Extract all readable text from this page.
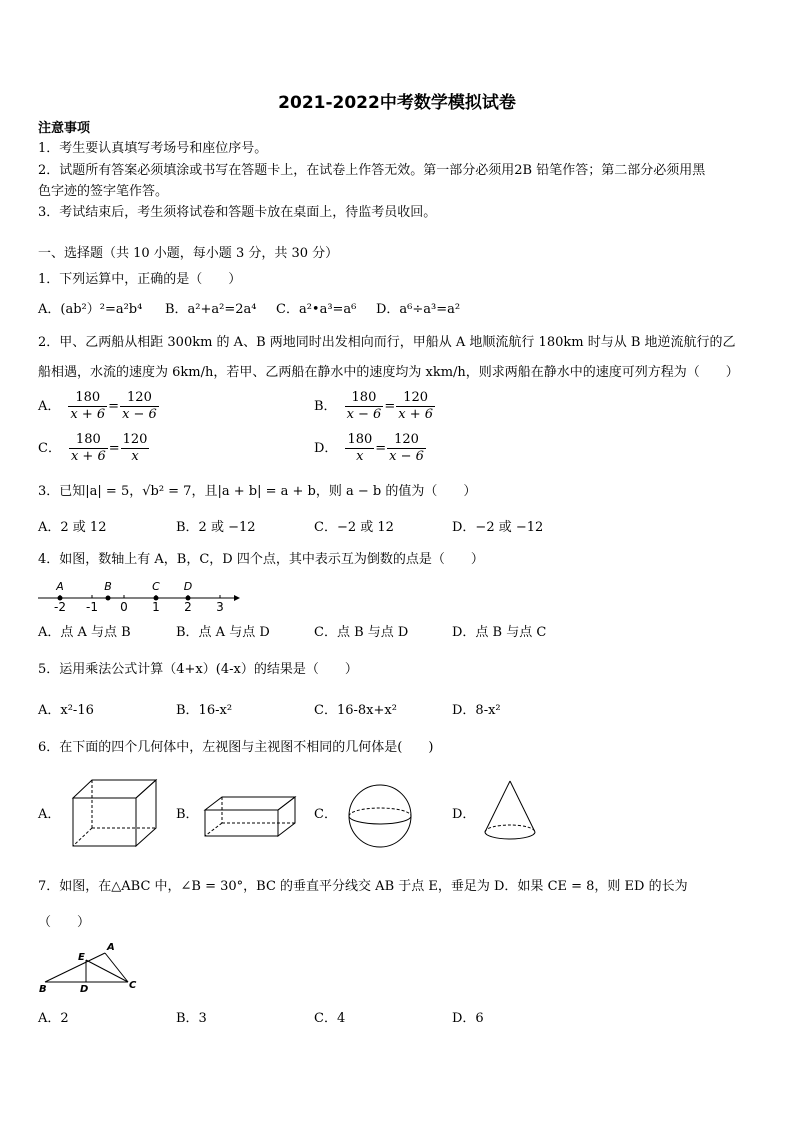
2021-2022中考数学模拟试卷
注意事项
1．考生要认真填写考场号和座位序号。
2．试题所有答案必须填涂或书写在答题卡上，在试卷上作答无效。第一部分必须用2B 铅笔作答；第二部分必须用黑
色字迹的签字笔作答。
3．考试结束后，考生须将试卷和答题卡放在桌面上，待监考员收回。
一、选择题（共 10 小题，每小题 3 分，共 30 分）
1．下列运算中，正确的是（　　）
A．(ab²）²=a²b⁴ B．a²+a²=2a⁴ C．a²•a³=a⁶ D．a⁶÷a³=a²
2．甲、乙两船从相距 300km 的 A、B 两地同时出发相向而行，甲船从 A 地顺流航行 180km 时与从 B 地逆流航行的乙
船相遇，水流的速度为 6km/h，若甲、乙两船在静水中的速度均为 xkm/h，则求两船在静水中的速度可列方程为（　　）
A． $\frac{180}{x + 6} = \frac{120}{x - 6}$	B． $\frac{180}{x - 6} = \frac{120}{x + 6}$
C． $\frac{180}{x + 6} = \frac{120}{x}$	D． $\frac{180}{x} = \frac{120}{x - 6}$
3．已知|a| = 5，√b² = 7，且|a + b| = a + b，则 a − b 的值为（　　）
A．2 或 12	B．2 或 −12	C．−2 或 12	D．−2 或 −12
4．如图，数轴上有 A，B，C，D 四个点，其中表示互为倒数的点是（　　）
-2 -1 0 1 2 3
A	B	C D
A．点 A 与点 B	B．点 A 与点 D	C．点 B 与点 D	D．点 B 与点 C
5．运用乘法公式计算（4+x）(4-x）的结果是（　　）
A．x²-16	B．16-x²	C．16-8x+x²	D．8-x²
6．在下面的四个几何体中，左视图与主视图不相同的几何体是(　　)
A．	B．	C．	D．
7．如图，在△ABC 中，∠B = 30°，BC 的垂直平分线交 AB 于点 E，垂足为 D．如果 CE = 8，则 ED 的长为
（　　）
A
E
B	D	C
A．2	B．3	C．4	D．6
